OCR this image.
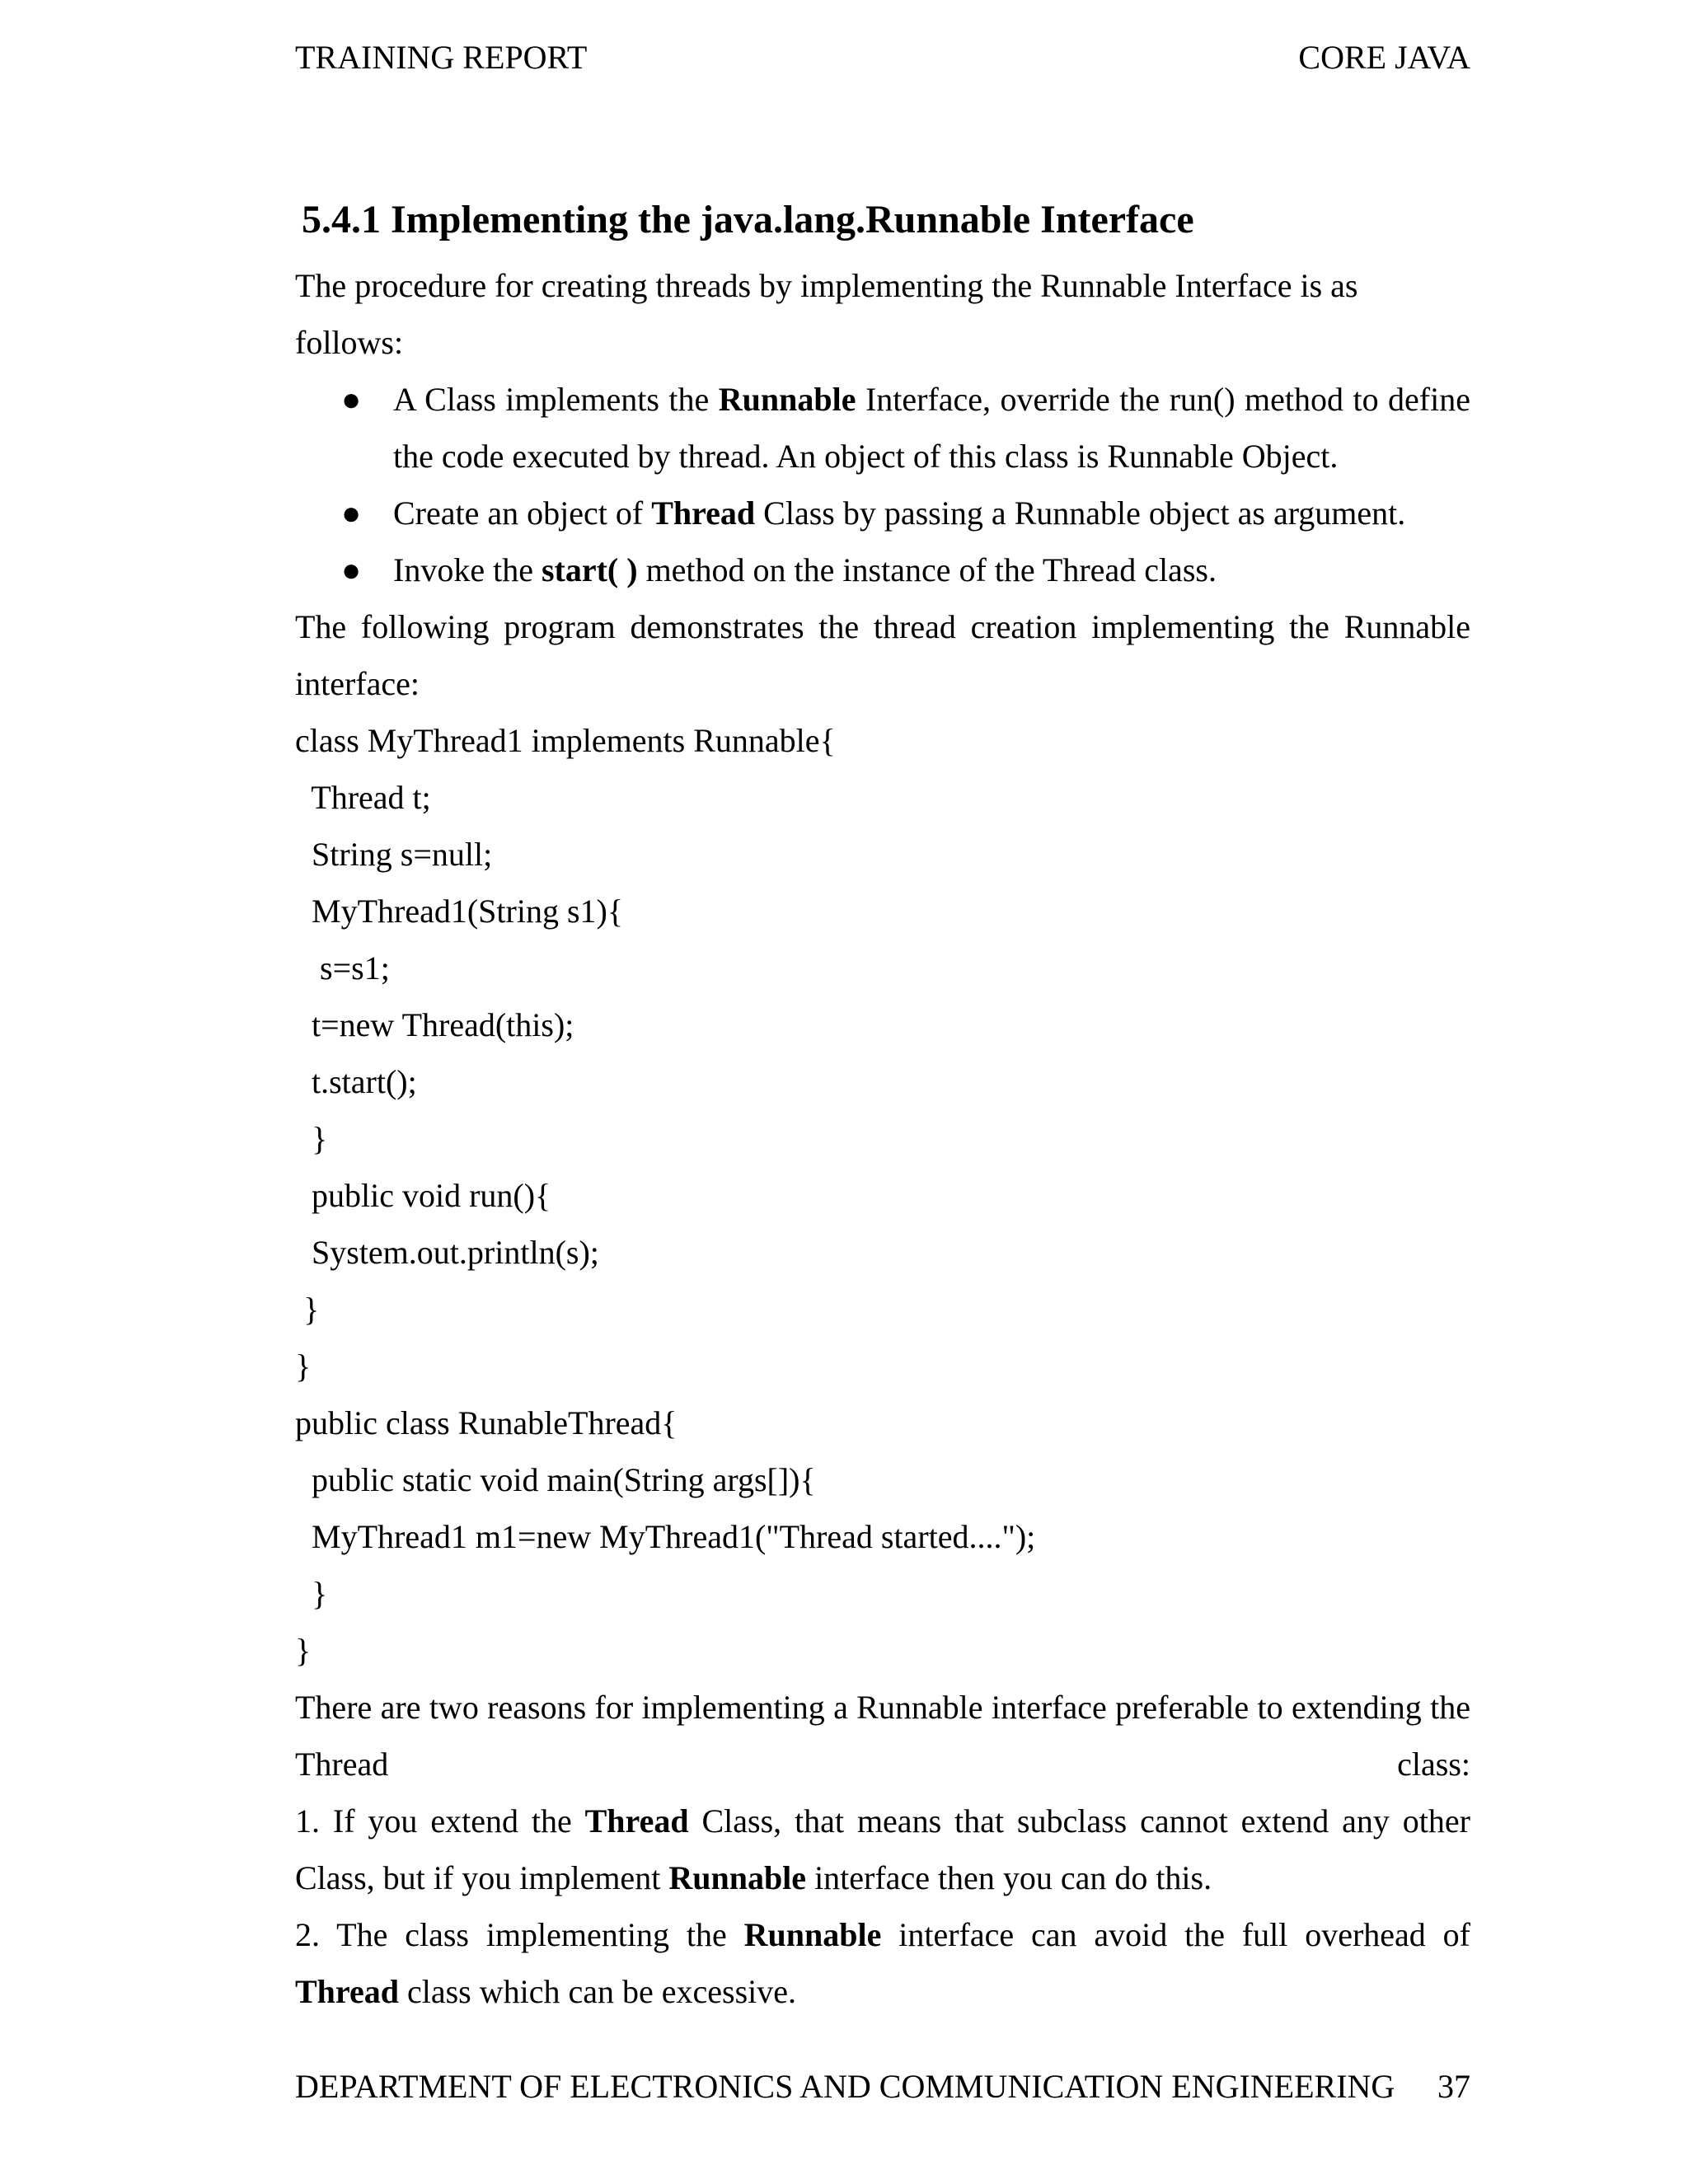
TRAINING REPORT	CORE JAVA
5.4.1 Implementing the java.lang.Runnable Interface

The procedure for creating threads by implementing the Runnable Interface is as follows:

● A Class implements the Runnable Interface, override the run() method to define the code executed by thread. An object of this class is Runnable Object.
● Create an object of Thread Class by passing a Runnable object as argument.
● Invoke the start( ) method on the instance of the Thread class.

The following program demonstrates the thread creation implementing the Runnable interface:

class MyThread1 implements Runnable{
Thread t;
String s=null;
MyThread1(String s1){
s=s1;
t=new Thread(this);
t.start();
}
public void run(){
System.out.println(s);
}
}
public class RunableThread{
public static void main(String args[]){
MyThread1 m1=new MyThread1("Thread started....");
}
}

There are two reasons for implementing a Runnable interface preferable to extending the

Thread	class:

1. If you extend the Thread Class, that means that subclass cannot extend any other Class, but if you implement Runnable interface then you can do this.

2. The class implementing the Runnable interface can avoid the full overhead of Thread class which can be excessive.

DEPARTMENT OF ELECTRONICS AND COMMUNICATION ENGINEERING 37
